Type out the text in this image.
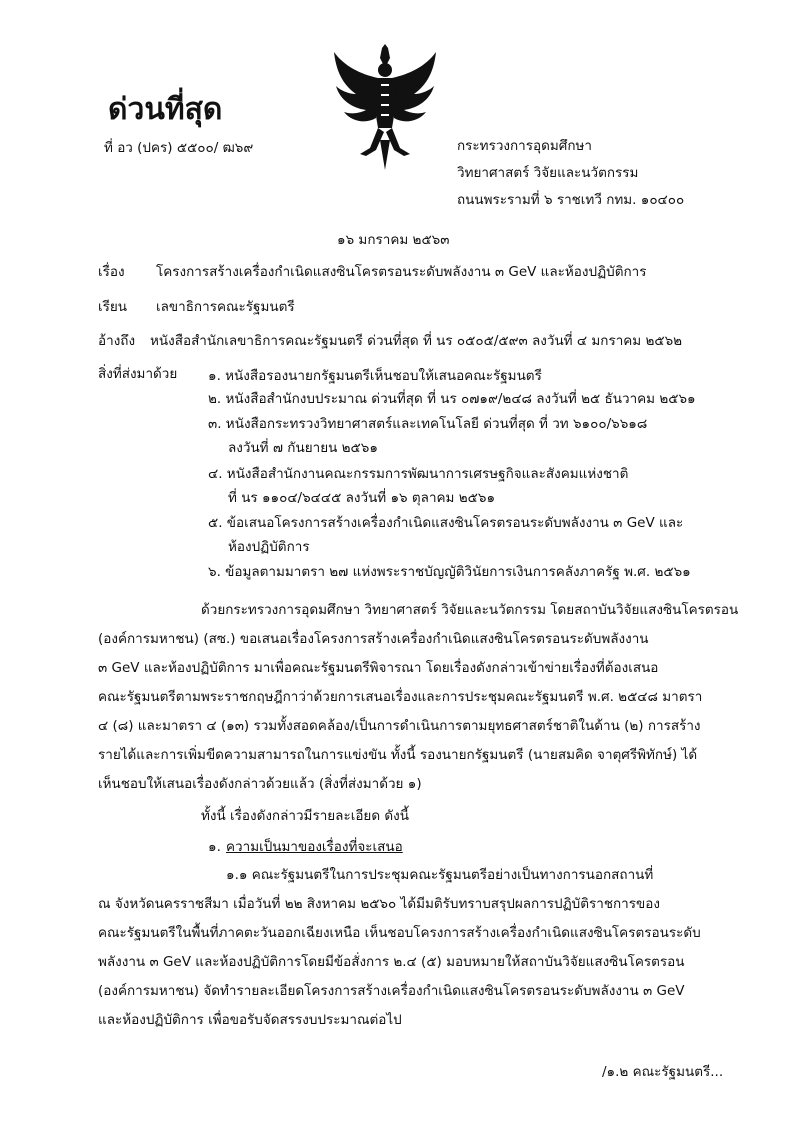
ด่วนที่สุด
ที่ อว (ปคร) ๕๕๐๐/ ฒ๖๙	กระทรวงการอุดมศึกษา
วิทยาศาสตร์ วิจัยและนวัตกรรม
ถนนพระรามที่ ๖ ราชเทวี กทม. ๑๐๔๐๐
๑๖ มกราคม ๒๕๖๓
เรื่อง โครงการสร้างเครื่องกำเนิดแสงซินโครตรอนระดับพลังงาน ๓ GeV และห้องปฏิบัติการ
เรียน เลขาธิการคณะรัฐมนตรี
อ้างถึง หนังสือสำนักเลขาธิการคณะรัฐมนตรี ด่วนที่สุด ที่ นร ๐๕๐๕/๕๙๓ ลงวันที่ ๔ มกราคม ๒๕๖๒
สิ่งที่ส่งมาด้วย ๑. หนังสือรองนายกรัฐมนตรีเห็นชอบให้เสนอคณะรัฐมนตรี
๒. หนังสือสำนักงบประมาณ ด่วนที่สุด ที่ นร ๐๗๑๙/๒๔๘ ลงวันที่ ๒๕ ธันวาคม ๒๕๖๑
๓. หนังสือกระทรวงวิทยาศาสตร์และเทคโนโลยี ด่วนที่สุด ที่ วท ๖๑๐๐/๖๖๑๘
ลงวันที่ ๗ กันยายน ๒๕๖๑
๔. หนังสือสำนักงานคณะกรรมการพัฒนาการเศรษฐกิจและสังคมแห่งชาติ
ที่ นร ๑๑๐๔/๖๔๔๕ ลงวันที่ ๑๖ ตุลาคม ๒๕๖๑
๕. ข้อเสนอโครงการสร้างเครื่องกำเนิดแสงซินโครตรอนระดับพลังงาน ๓ GeV และ
ห้องปฏิบัติการ
๖. ข้อมูลตามมาตรา ๒๗ แห่งพระราชบัญญัติวินัยการเงินการคลังภาครัฐ พ.ศ. ๒๕๖๑
ด้วยกระทรวงการอุดมศึกษา วิทยาศาสตร์ วิจัยและนวัตกรรม โดยสถาบันวิจัยแสงซินโครตรอน
(องค์การมหาชน) (สซ.) ขอเสนอเรื่องโครงการสร้างเครื่องกำเนิดแสงซินโครตรอนระดับพลังงาน
๓ GeV และห้องปฏิบัติการ มาเพื่อคณะรัฐมนตรีพิจารณา โดยเรื่องดังกล่าวเข้าข่ายเรื่องที่ต้องเสนอ
คณะรัฐมนตรีตามพระราชกฤษฎีกาว่าด้วยการเสนอเรื่องและการประชุมคณะรัฐมนตรี พ.ศ. ๒๕๔๘ มาตรา
๔ (๘) และมาตรา ๔ (๑๓) รวมทั้งสอดคล้อง/เป็นการดำเนินการตามยุทธศาสตร์ชาติในด้าน (๒) การสร้าง
รายได้และการเพิ่มขีดความสามารถในการแข่งขัน ทั้งนี้ รองนายกรัฐมนตรี (นายสมคิด จาตุศรีพิทักษ์) ได้
เห็นชอบให้เสนอเรื่องดังกล่าวด้วยแล้ว (สิ่งที่ส่งมาด้วย ๑)
ทั้งนี้ เรื่องดังกล่าวมีรายละเอียด ดังนี้
๑. ความเป็นมาของเรื่องที่จะเสนอ
๑.๑ คณะรัฐมนตรีในการประชุมคณะรัฐมนตรีอย่างเป็นทางการนอกสถานที่
ณ จังหวัดนครราชสีมา เมื่อวันที่ ๒๒ สิงหาคม ๒๕๖๐ ได้มีมติรับทราบสรุปผลการปฏิบัติราชการของ
คณะรัฐมนตรีในพื้นที่ภาคตะวันออกเฉียงเหนือ เห็นชอบโครงการสร้างเครื่องกำเนิดแสงซินโครตรอนระดับ
พลังงาน ๓ GeV และห้องปฏิบัติการโดยมีข้อสั่งการ ๒.๔ (๕) มอบหมายให้สถาบันวิจัยแสงซินโครตรอน
(องค์การมหาชน) จัดทำรายละเอียดโครงการสร้างเครื่องกำเนิดแสงซินโครตรอนระดับพลังงาน ๓ GeV
และห้องปฏิบัติการ เพื่อขอรับจัดสรรงบประมาณต่อไป
/๑.๒ คณะรัฐมนตรี...
